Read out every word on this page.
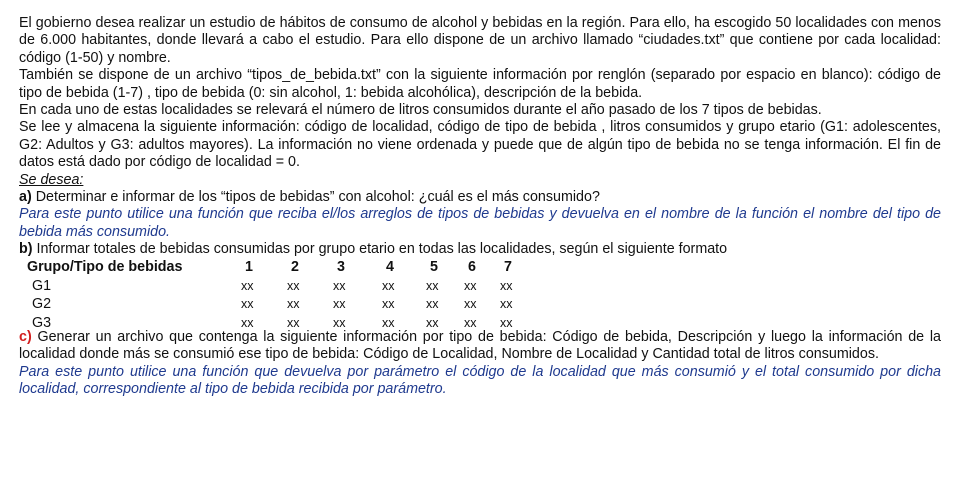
El gobierno desea realizar un estudio de hábitos de consumo de alcohol y bebidas en la región. Para ello, ha escogido 50 localidades con menos de 6.000 habitantes, donde llevará a cabo el estudio. Para ello dispone de un archivo llamado “ciudades.txt” que contiene por cada localidad: código (1-50) y nombre.

También se dispone de un archivo “tipos_de_bebida.txt” con la siguiente información por renglón (separado por espacio en blanco): código de tipo de bebida (1-7) , tipo de bebida (0: sin alcohol, 1: bebida alcohólica), descripción de la bebida.

En cada uno de estas localidades se relevará el número de litros consumidos durante el año pasado de los 7 tipos de bebidas.

Se lee y almacena la siguiente información: código de localidad, código de tipo de bebida , litros consumidos y grupo etario (G1: adolescentes, G2: Adultos y G3: adultos mayores). La información no viene ordenada y puede que de algún tipo de bebida no se tenga información. El fin de datos está dado por código de localidad = 0.

Se desea:

a) Determinar e informar de los “tipos de bebidas” con alcohol: ¿cuál es el más consumido?

Para este punto utilice una función que reciba el/los arreglos de tipos de bebidas y devuelva en el nombre de la función el nombre del tipo de bebida más consumido.

b) Informar totales de bebidas consumidas por grupo etario en todas las localidades, según el siguiente formato

Grupo/Tipo de bebidas	1	2	3	4	5 6 7
G1	xx	xx	xx	xx	xx xx xx
G2	xx	xx	xx	xx	xx xx xx
G3	xx	xx	xx	xx	xx xx xx

c) Generar un archivo que contenga la siguiente información por tipo de bebida: Código de bebida, Descripción y luego la información de la localidad donde más se consumió ese tipo de bebida: Código de Localidad, Nombre de Localidad y Cantidad total de litros consumidos.

Para este punto utilice una función que devuelva por parámetro el código de la localidad que más consumió y el total consumido por dicha localidad, correspondiente al tipo de bebida recibida por parámetro.
